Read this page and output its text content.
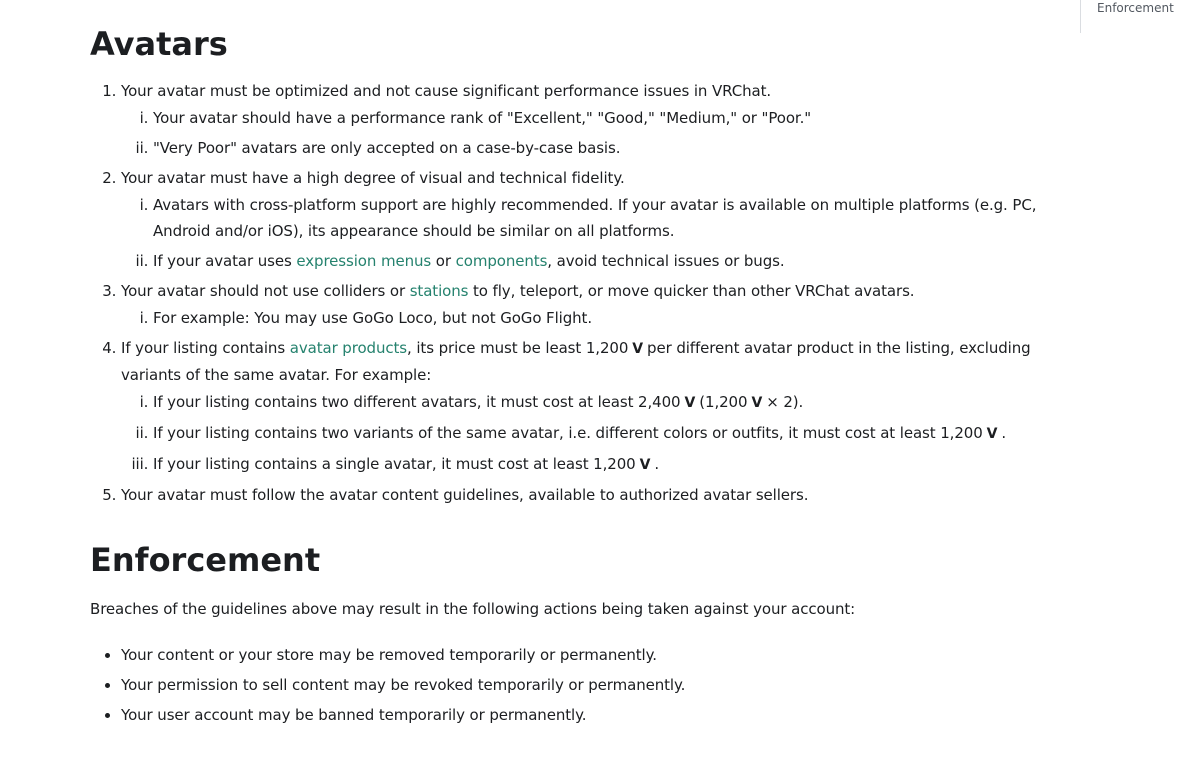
Enforcement
Avatars
1. Your avatar must be optimized and not cause significant performance issues in VRChat.
i. Your avatar should have a performance rank of "Excellent," "Good," "Medium," or "Poor."
ii. "Very Poor" avatars are only accepted on a case-by-case basis.
2. Your avatar must have a high degree of visual and technical fidelity.
i. Avatars with cross-platform support are highly recommended. If your avatar is available on multiple platforms (e.g. PC, Android and/or iOS), its appearance should be similar on all platforms.
ii. If your avatar uses expression menus or components, avoid technical issues or bugs.
3. Your avatar should not use colliders or stations to fly, teleport, or move quicker than other VRChat avatars.
i. For example: You may use GoGo Loco, but not GoGo Flight.
4. If your listing contains avatar products, its price must be least 1,200 V per different avatar product in the listing, excluding variants of the same avatar. For example:
i. If your listing contains two different avatars, it must cost at least 2,400 V (1,200 V × 2).
ii. If your listing contains two variants of the same avatar, i.e. different colors or outfits, it must cost at least 1,200 V .
iii. If your listing contains a single avatar, it must cost at least 1,200 V .
5. Your avatar must follow the avatar content guidelines, available to authorized avatar sellers.
Enforcement

Breaches of the guidelines above may result in the following actions being taken against your account:

• Your content or your store may be removed temporarily or permanently.
• Your permission to sell content may be revoked temporarily or permanently.
• Your user account may be banned temporarily or permanently.
